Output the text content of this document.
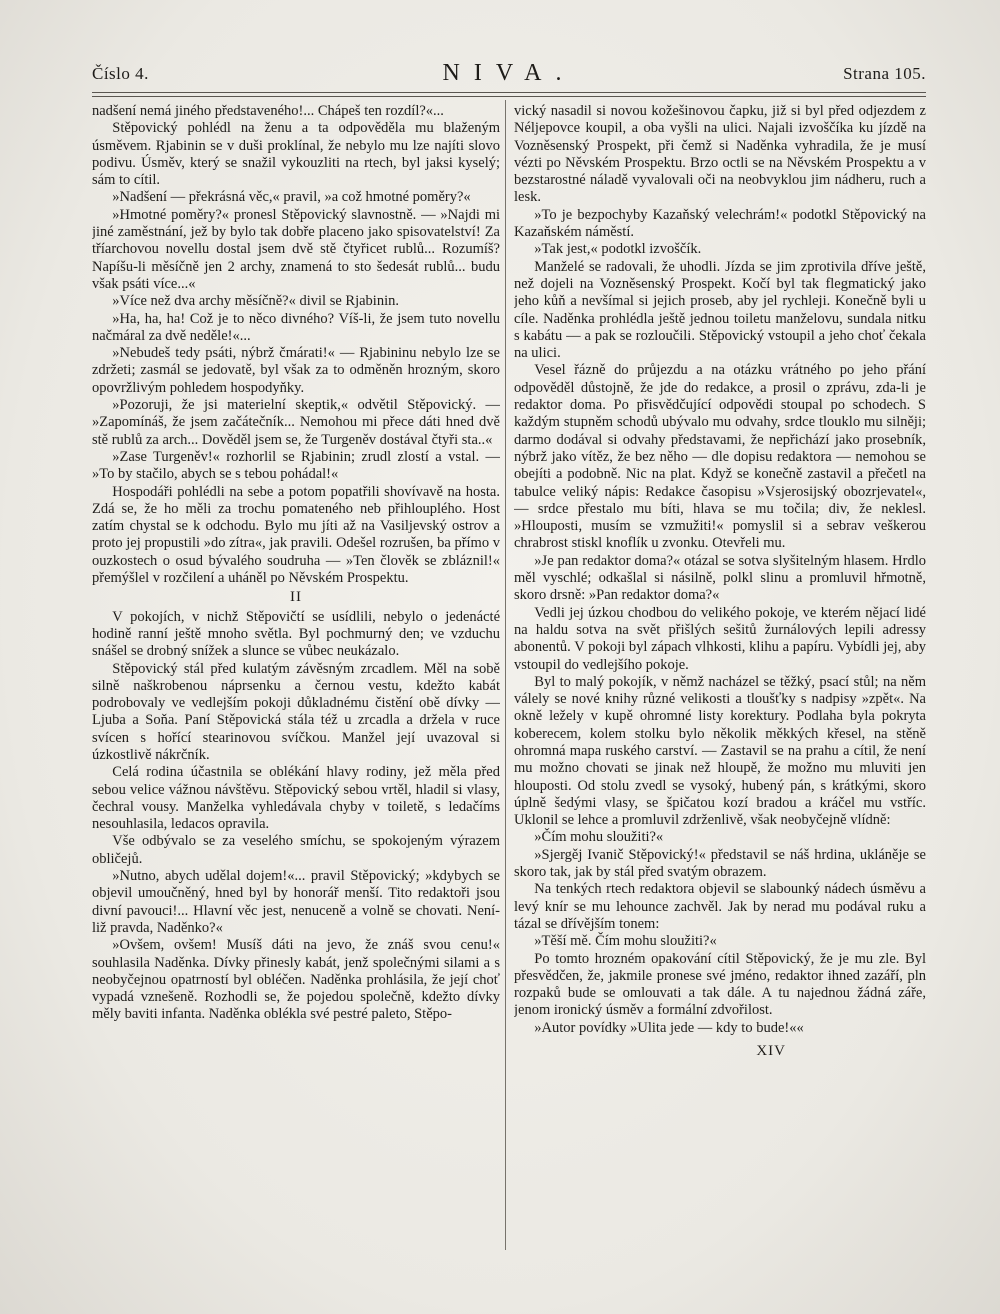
Číslo 4.	NIVA.	Strana 105.

nadšení nemá jiného představeného!... Chápeš ten rozdíl?«...

Stěpovický pohlédl na ženu a ta odpověděla mu blaženým úsměvem. Rjabinin se v duši proklínal, že nebylo mu lze najíti slovo podivu. Úsměv, který se snažil vykouzliti na rtech, byl jaksi kyselý; sám to cítil.

»Nadšení — překrásná věc,« pravil, »a což hmotné poměry?«

»Hmotné poměry?« pronesl Stěpovický slavnostně. — »Najdi mi jiné zaměstnání, jež by bylo tak dobře placeno jako spisovatelství! Za tříarchovou novellu dostal jsem dvě stě čtyřicet rublů... Rozumíš? Napíšu-li měsíčně jen 2 archy, znamená to sto šedesát rublů... budu však psáti více...«

»Více než dva archy měsíčně?« divil se Rjabinin.

»Ha, ha, ha! Což je to něco divného? Víš-li, že jsem tuto novellu načmáral za dvě neděle!«...

»Nebudeš tedy psáti, nýbrž čmárati!« — Rjabininu nebylo lze se zdržeti; zasmál se jedovatě, byl však za to odměněn hrozným, skoro opovržlivým pohledem hospodyňky.

»Pozoruji, že jsi materielní skeptik,« odvětil Stěpovický. — »Zapomínáš, že jsem začátečník... Nemohou mi přece dáti hned dvě stě rublů za arch... Dověděl jsem se, že Turgeněv dostával čtyři sta..«

»Zase Turgeněv!« rozhorlil se Rjabinin; zrudl zlostí a vstal. — »To by stačilo, abych se s tebou pohádal!«

Hospodáři pohlédli na sebe a potom popatřili shovívavě na hosta. Zdá se, že ho měli za trochu pomateného neb přihlouplého. Host zatím chystal se k odchodu. Bylo mu jíti až na Vasiljevský ostrov a proto jej propustili »do zítra«, jak pravili. Odešel rozrušen, ba přímo v ouzkostech o osud bývalého soudruha — »Ten člověk se zbláznil!« přemýšlel v rozčilení a uháněl po Něvském Prospektu.

II

V pokojích, v nichž Stěpovičtí se usídlili, nebylo o jedenácté hodině ranní ještě mnoho světla. Byl pochmurný den; ve vzduchu snášel se drobný snížek a slunce se vůbec neukázalo.

Stěpovický stál před kulatým závěsným zrcadlem. Měl na sobě silně naškrobenou náprsenku a černou vestu, kdežto kabát podrobovaly ve vedlejším pokoji důkladnému čistění obě dívky — Ljuba a Soňa. Paní Stěpovická stála též u zrcadla a držela v ruce svícen s hořící stearinovou svíčkou. Manžel její uvazoval si úzkostlivě nákrčník.

Celá rodina účastnila se oblékání hlavy rodiny, jež měla před sebou velice vážnou návštěvu. Stěpovický sebou vrtěl, hladil si vlasy, čechral vousy. Manželka vyhledávala chyby v toiletě, s ledačíms nesouhlasila, ledacos opravila.

Vše odbývalo se za veselého smíchu, se spokojeným výrazem obličejů.

»Nutno, abych udělal dojem!«... pravil Stěpovický; »kdybych se objevil umoučněný, hned byl by honorář menší. Tito redaktoři jsou divní pavouci!... Hlavní věc jest, nenuceně a volně se chovati. Není-liž pravda, Naděnko?«

»Ovšem, ovšem! Musíš dáti na jevo, že znáš svou cenu!« souhlasila Naděnka. Dívky přinesly kabát, jenž společnými silami a s neobyčejnou opatrností byl obléčen. Naděnka prohlásila, že její choť vypadá vznešeně. Rozhodli se, že pojedou společně, kdežto dívky měly baviti infanta. Naděnka oblékla své pestré paleto, Stěpo-

vický nasadil si novou kožešinovou čapku, již si byl před odjezdem z Néljepovce koupil, a oba vyšli na ulici. Najali izvoščíka ku jízdě na Vozněsenský Prospekt, při čemž si Naděnka vyhradila, že je musí vézti po Něvském Prospektu. Brzo octli se na Něvském Prospektu a v bezstarostné náladě vyvalovali oči na neobvyklou jim nádheru, ruch a lesk.

»To je bezpochyby Kazaňský velechrám!« podotkl Stěpovický na Kazaňském náměstí.

»Tak jest,« podotkl izvoščík.

Manželé se radovali, že uhodli. Jízda se jim zprotivila dříve ještě, než dojeli na Vozněsenský Prospekt. Kočí byl tak flegmatický jako jeho kůň a nevšímal si jejich proseb, aby jel rychleji. Konečně byli u cíle. Naděnka prohlédla ještě jednou toiletu manželovu, sundala nitku s kabátu — a pak se rozloučili. Stěpovický vstoupil a jeho choť čekala na ulici.

Vesel řázně do průjezdu a na otázku vrátného po jeho přání odpověděl důstojně, že jde do redakce, a prosil o zprávu, zda-li je redaktor doma. Po přisvědčující odpovědi stoupal po schodech. S každým stupněm schodů ubývalo mu odvahy, srdce tlouklo mu silněji; darmo dodával si odvahy představami, že nepřichází jako prosebník, nýbrž jako vítěz, že bez něho — dle dopisu redaktora — nemohou se obejíti a podobně. Nic na plat. Když se konečně zastavil a přečetl na tabulce veliký nápis: Redakce časopisu »Vsjerosijský obozrjevatel«, — srdce přestalo mu bíti, hlava se mu točila; div, že neklesl. »Hlouposti, musím se vzmužiti!« pomyslil si a sebrav veškerou chrabrost stiskl knoflík u zvonku. Otevřeli mu.

»Je pan redaktor doma?« otázal se sotva slyšitelným hlasem. Hrdlo měl vyschlé; odkašlal si násilně, polkl slinu a promluvil hřmotně, skoro drsně: »Pan redaktor doma?«

Vedli jej úzkou chodbou do velikého pokoje, ve kterém nějací lidé na haldu sotva na svět přišlých sešitů žurnálových lepili adressy abonentů. V pokoji byl zápach vlhkosti, klihu a papíru. Vybídli jej, aby vstoupil do vedlejšího pokoje.

Byl to malý pokojík, v němž nacházel se těžký, psací stůl; na něm válely se nové knihy různé velikosti a tloušťky s nadpisy »zpět«. Na okně ležely v kupě ohromné listy korektury. Podlaha byla pokryta koberecem, kolem stolku bylo několik měkkých křesel, na stěně ohromná mapa ruského carství. — Zastavil se na prahu a cítil, že není mu možno chovati se jinak než hloupě, že možno mu mluviti jen hlouposti. Od stolu zvedl se vysoký, hubený pán, s krátkými, skoro úplně šedými vlasy, se špičatou kozí bradou a kráčel mu vstříc. Uklonil se lehce a promluvil zdrženlivě, však neobyčejně vlídně:

»Čím mohu sloužiti?«

»Sjergěj Ivanič Stěpovický!« představil se náš hrdina, ukláněje se skoro tak, jak by stál před svatým obrazem.

Na tenkých rtech redaktora objevil se slabounký nádech úsměvu a levý knír se mu lehounce zachvěl. Jak by nerad mu podával ruku a tázal se dřívějším tonem:

»Těší mě. Čím mohu sloužiti?«

Po tomto hrozném opakování cítil Stěpovický, že je mu zle. Byl přesvědčen, že, jakmile pronese své jméno, redaktor ihned zazáří, pln rozpaků bude se omlouvati a tak dále. A tu najednou žádná záře, jenom ironický úsměv a formální zdvořilost.

»Autor povídky »Ulita jede — kdy to bude!««

XIV
